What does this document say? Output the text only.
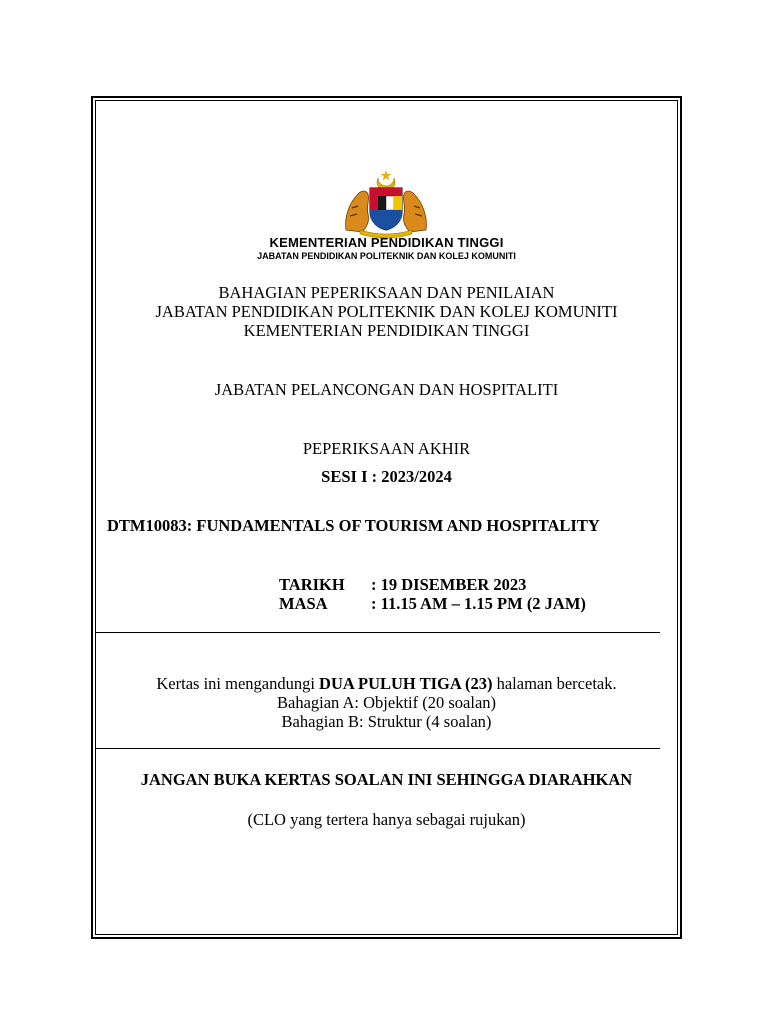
KEMENTERIAN PENDIDIKAN TINGGI
JABATAN PENDIDIKAN POLITEKNIK DAN KOLEJ KOMUNITI
BAHAGIAN PEPERIKSAAN DAN PENILAIAN
JABATAN PENDIDIKAN POLITEKNIK DAN KOLEJ KOMUNITI
KEMENTERIAN PENDIDIKAN TINGGI
JABATAN PELANCONGAN DAN HOSPITALITI
PEPERIKSAAN AKHIR
SESI I : 2023/2024
DTM10083: FUNDAMENTALS OF TOURISM AND HOSPITALITY
TARIKH : 19 DISEMBER 2023
MASA	: 11.15 AM – 1.15 PM (2 JAM)
Kertas ini mengandungi DUA PULUH TIGA (23) halaman bercetak.
Bahagian A: Objektif (20 soalan)
Bahagian B: Struktur (4 soalan)
JANGAN BUKA KERTAS SOALAN INI SEHINGGA DIARAHKAN
(CLO yang tertera hanya sebagai rujukan)
